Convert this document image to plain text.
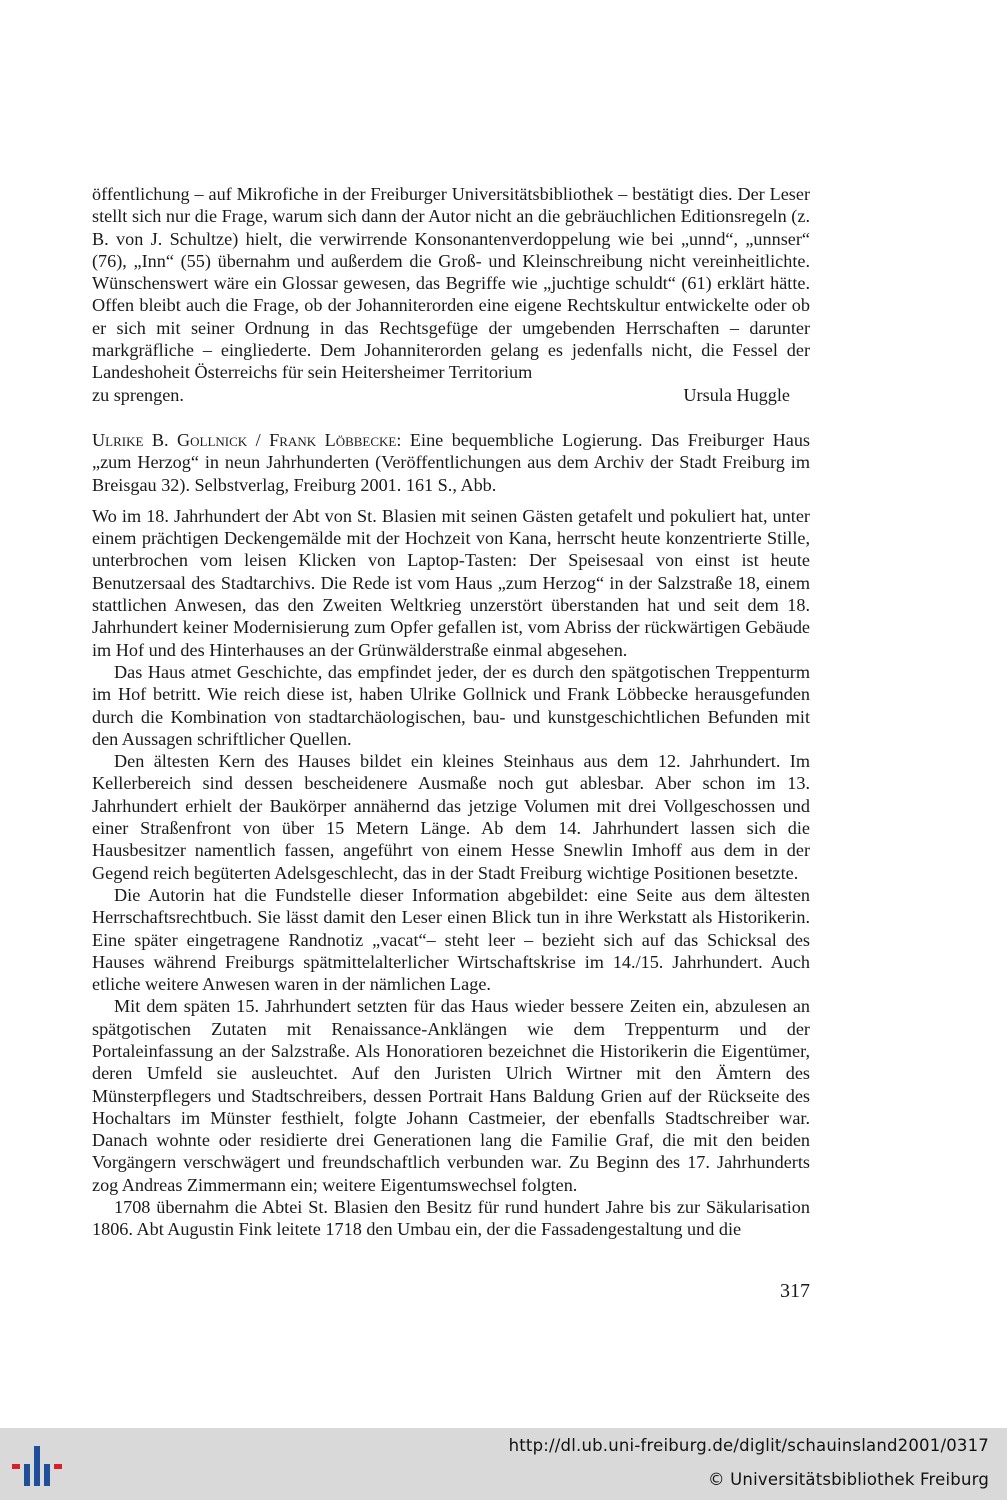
öffentlichung – auf Mikrofiche in der Freiburger Universitätsbibliothek – bestätigt dies. Der Leser stellt sich nur die Frage, warum sich dann der Autor nicht an die gebräuchlichen Editionsregeln (z. B. von J. Schultze) hielt, die verwirrende Konsonantenverdoppelung wie bei „unnd“, „unnser“ (76), „Inn“ (55) übernahm und außerdem die Groß- und Kleinschreibung nicht vereinheitlichte. Wünschenswert wäre ein Glossar gewesen, das Begriffe wie „juchtige schuldt“ (61) erklärt hätte. Offen bleibt auch die Frage, ob der Johanniterorden eine eigene Rechtskultur entwickelte oder ob er sich mit seiner Ordnung in das Rechtsgefüge der umgebenden Herrschaften – darunter markgräfliche – eingliederte. Dem Johanniterorden gelang es jedenfalls nicht, die Fessel der Landeshoheit Österreichs für sein Heitersheimer Territorium

zu sprengen.	Ursula Huggle
Ulrike B. Gollnick / Frank Löbbecke: Eine bequembliche Logierung. Das Freiburger Haus „zum Herzog“ in neun Jahrhunderten (Veröffentlichungen aus dem Archiv der Stadt Freiburg im Breisgau 32). Selbstverlag, Freiburg 2001. 161 S., Abb.

Wo im 18. Jahrhundert der Abt von St. Blasien mit seinen Gästen getafelt und pokuliert hat, unter einem prächtigen Deckengemälde mit der Hochzeit von Kana, herrscht heute konzentrierte Stille, unterbrochen vom leisen Klicken von Laptop-Tasten: Der Speisesaal von einst ist heute Benutzersaal des Stadtarchivs. Die Rede ist vom Haus „zum Herzog“ in der Salzstraße 18, einem stattlichen Anwesen, das den Zweiten Weltkrieg unzerstört überstanden hat und seit dem 18. Jahrhundert keiner Modernisierung zum Opfer gefallen ist, vom Abriss der rückwärtigen Gebäude im Hof und des Hinterhauses an der Grünwälderstraße einmal abgesehen.

Das Haus atmet Geschichte, das empfindet jeder, der es durch den spätgotischen Treppenturm im Hof betritt. Wie reich diese ist, haben Ulrike Gollnick und Frank Löbbecke herausgefunden durch die Kombination von stadtarchäologischen, bau- und kunstgeschichtlichen Befunden mit den Aussagen schriftlicher Quellen.

Den ältesten Kern des Hauses bildet ein kleines Steinhaus aus dem 12. Jahrhundert. Im Kellerbereich sind dessen bescheidenere Ausmaße noch gut ablesbar. Aber schon im 13. Jahrhundert erhielt der Baukörper annähernd das jetzige Volumen mit drei Vollgeschossen und einer Straßenfront von über 15 Metern Länge. Ab dem 14. Jahrhundert lassen sich die Hausbesitzer namentlich fassen, angeführt von einem Hesse Snewlin Imhoff aus dem in der Gegend reich begüterten Adelsgeschlecht, das in der Stadt Freiburg wichtige Positionen besetzte.

Die Autorin hat die Fundstelle dieser Information abgebildet: eine Seite aus dem ältesten Herrschaftsrechtbuch. Sie lässt damit den Leser einen Blick tun in ihre Werkstatt als Historikerin. Eine später eingetragene Randnotiz „vacat“– steht leer – bezieht sich auf das Schicksal des Hauses während Freiburgs spätmittelalterlicher Wirtschaftskrise im 14./15. Jahrhundert. Auch etliche weitere Anwesen waren in der nämlichen Lage.

Mit dem späten 15. Jahrhundert setzten für das Haus wieder bessere Zeiten ein, abzulesen an spätgotischen Zutaten mit Renaissance-Anklängen wie dem Treppenturm und der Portaleinfassung an der Salzstraße. Als Honoratioren bezeichnet die Historikerin die Eigentümer, deren Umfeld sie ausleuchtet. Auf den Juristen Ulrich Wirtner mit den Ämtern des Münsterpflegers und Stadtschreibers, dessen Portrait Hans Baldung Grien auf der Rückseite des Hochaltars im Münster festhielt, folgte Johann Castmeier, der ebenfalls Stadtschreiber war. Danach wohnte oder residierte drei Generationen lang die Familie Graf, die mit den beiden Vorgängern verschwägert und freundschaftlich verbunden war. Zu Beginn des 17. Jahrhunderts zog Andreas Zimmermann ein; weitere Eigentumswechsel folgten.

1708 übernahm die Abtei St. Blasien den Besitz für rund hundert Jahre bis zur Säkularisation 1806. Abt Augustin Fink leitete 1718 den Umbau ein, der die Fassadengestaltung und die

317
http://dl.ub.uni-freiburg.de/diglit/schauinsland2001/0317
© Universitätsbibliothek Freiburg
